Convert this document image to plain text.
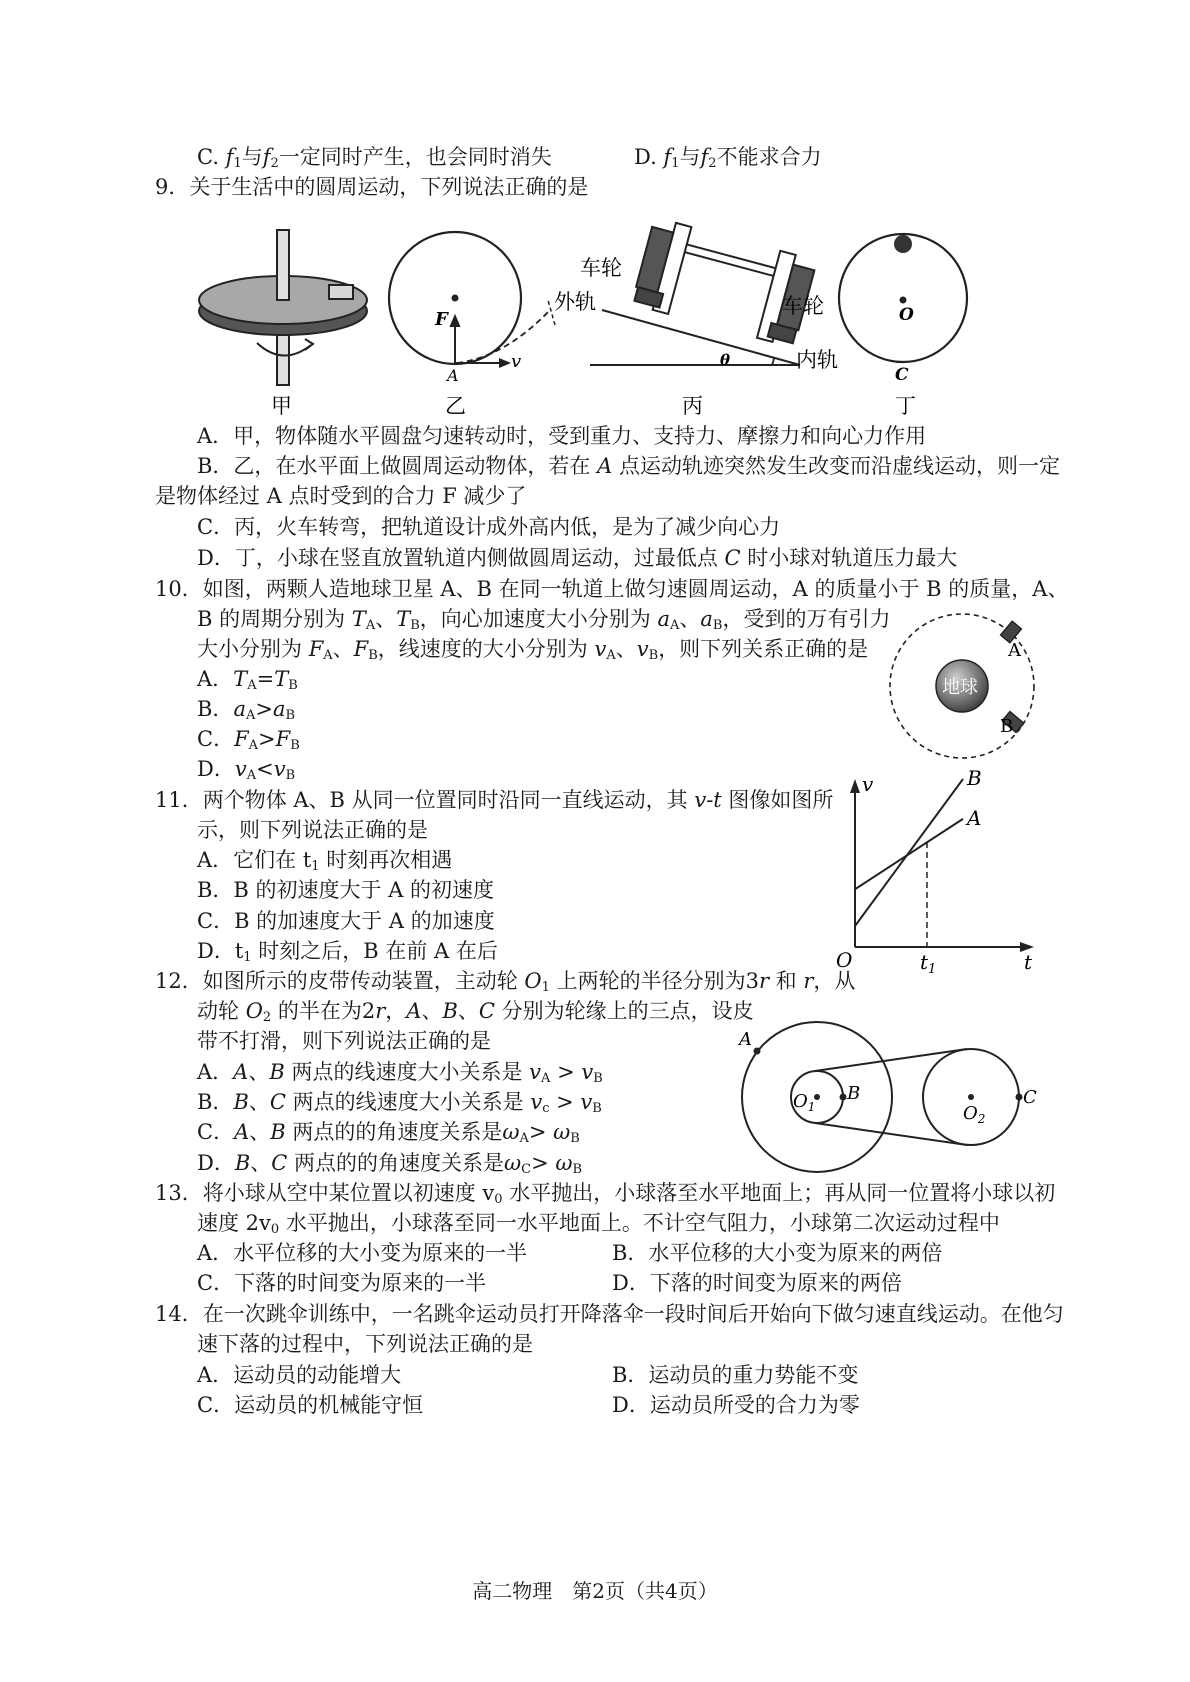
C. $f_1$与$f_2$一定同时产生，也会同时消失	D. $f_1$与$f_2$不能求合力
9．关于生活中的圆周运动，下列说法正确的是
甲
F
A
v
乙
车轮
外轨	车轮
内轨
θ
丙
O
C
丁
A．甲，物体随水平圆盘匀速转动时，受到重力、支持力、摩擦力和向心力作用
B．乙，在水平面上做圆周运动物体，若在 A 点运动轨迹突然发生改变而沿虚线运动，则一定
是物体经过 A 点时受到的合力 F 减少了
C．丙，火车转弯，把轨道设计成外高内低，是为了减少向心力
D．丁，小球在竖直放置轨道内侧做圆周运动，过最低点 C 时小球对轨道压力最大
10．如图，两颗人造地球卫星 A、B 在同一轨道上做匀速圆周运动，A 的质量小于 B 的质量，A、
B 的周期分别为 $T_A$、$T_B$，向心加速度大小分别为 $a_A$、$a_B$，受到的万有引力
大小分别为 $F_A$、$F_B$，线速度的大小分别为 $v_A$、$v_B$，则下列关系正确的是
A．$T_A=T_B$
B．$a_A>a_B$
C．$F_A>F_B$
D．$v_A<v_B$
地球
A
B
11．两个物体 A、B 从同一位置同时沿同一直线运动，其 v-t 图像如图所
示，则下列说法正确的是
A．它们在 $t_1$ 时刻再次相遇
B．B 的初速度大于 A 的初速度
C．B 的加速度大于 A 的加速度
D．$t_1$ 时刻之后，B 在前 A 在后
v
t
O	$t_1$
A
B
12．如图所示的皮带传动装置，主动轮 $O_1$ 上两轮的半径分别为3r 和 r，从
动轮 $O_2$ 的半在为2r，A、B、C 分别为轮缘上的三点，设皮
带不打滑，则下列说法正确的是
A．A、B 两点的线速度大小关系是 $v_A > v_B$
B．B、C 两点的线速度大小关系是 $v_c > v_B$
C．A、B 两点的的角速度关系是$\omega_A> \omega_B$
D．B、C 两点的的角速度关系是$\omega_C> \omega_B$
A
B	C
$O_1$	$O_2$
13．将小球从空中某位置以初速度 $v_0$ 水平抛出，小球落至水平地面上；再从同一位置将小球以初
速度 $2v_0$ 水平抛出，小球落至同一水平地面上。不计空气阻力，小球第二次运动过程中
A．水平位移的大小变为原来的一半	B．水平位移的大小变为原来的两倍
C．下落的时间变为原来的一半	D．下落的时间变为原来的两倍
14．在一次跳伞训练中，一名跳伞运动员打开降落伞一段时间后开始向下做匀速直线运动。在他匀
速下落的过程中，下列说法正确的是
A．运动员的动能增大	B．运动员的重力势能不变
C．运动员的机械能守恒	D．运动员所受的合力为零
高二物理　第2页（共4页）
